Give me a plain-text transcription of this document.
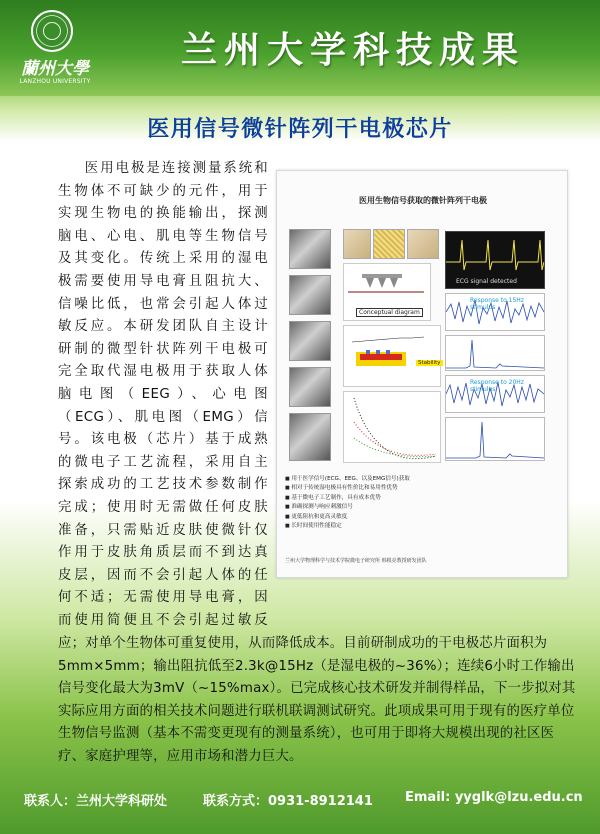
蘭州大學
LANZHOU UNIVERSITY
兰州大学科技成果
医用信号微针阵列干电极芯片
医用电极是连接测量系统和
生物体不可缺少的元件，用于
实现生物电的换能输出，探测
脑电、心电、肌电等生物信号
及其变化。传统上采用的湿电
极需要使用导电膏且阻抗大、
信噪比低，也常会引起人体过
敏反应。本研发团队自主设计
研制的微型针状阵列干电极可
完全取代湿电极用于获取人体
脑电图（EEG）、心电图
（ECG）、肌电图（EMG）信
号。该电极（芯片）基于成熟
的微电子工艺流程，采用自主
探索成功的工艺技术参数制作
完成；使用时无需做任何皮肤
准备，只需贴近皮肤使微针仅
作用于皮肤角质层而不到达真
皮层，因而不会引起人体的任
何不适；无需使用导电膏，因
而使用简便且不会引起过敏反
医用生物信号获取的微针阵列干电极
Conceptual diagram
ECG signal detected
Response to 15Hz stimulus
Response to 20Hz stimulus
Stability
■ 用于医学信号(ECG、EEG、以及EMG信号)获取
■ 相对于传统湿电极具有性价比和易用性优势
■ 基于微电子工艺制作，具有成本优势
■ 准确探测与响应刺激信号
■ 更低阻抗和更高灵敏度
■ 长时间使用性能稳定
兰州大学物理科学与技术学院微电子研究所 韩根亮教授研发团队
应；对单个生物体可重复使用，从而降低成本。目前研制成功的干电极芯片面积为5mm×5mm；输出阻抗低至2.3k@15Hz（是湿电极的~36%）；连续6小时工作输出信号变化最大为3mV（~15%max）。已完成核心技术研发并制得样品，下一步拟对其实际应用方面的相关技术问题进行联机联调测试研究。此项成果可用于现有的医疗单位生物信号监测（基本不需变更现有的测量系统），也可用于即将大规模出现的社区医疗、家庭护理等，应用市场和潜力巨大。
联系人：兰州大学科研处	联系方式：0931-8912141 Email: yyglk@lzu.edu.cn
